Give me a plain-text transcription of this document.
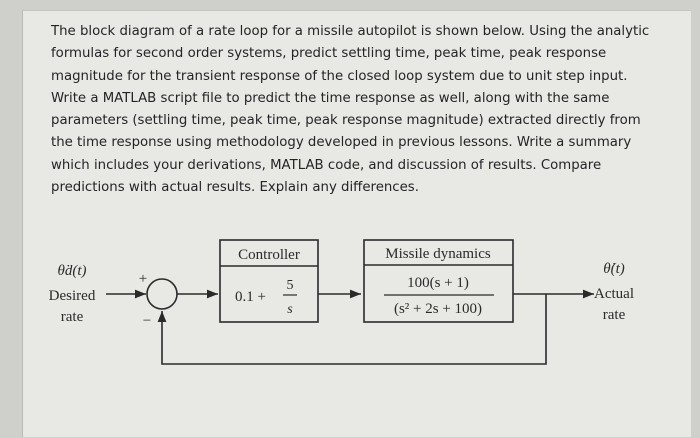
The block diagram of a rate loop for a missile autopilot is shown below. Using the analytic formulas for second order systems, predict settling time, peak time, peak response magnitude for the transient response of the closed loop system due to unit step input. Write a MATLAB script file to predict the time response as well, along with the same parameters (settling time, peak time, peak response magnitude) extracted directly from the time response using methodology developed in previous lessons. Write a summary which includes your derivations, MATLAB code, and discussion of results. Compare predictions with actual results. Explain any differences.

θ̇d(t)
Desired
rate
+
−
Controller
0.1 +
5
s
Missile dynamics
100(s + 1)
(s² + 2s + 100)
θ̇(t)
Actual
rate
